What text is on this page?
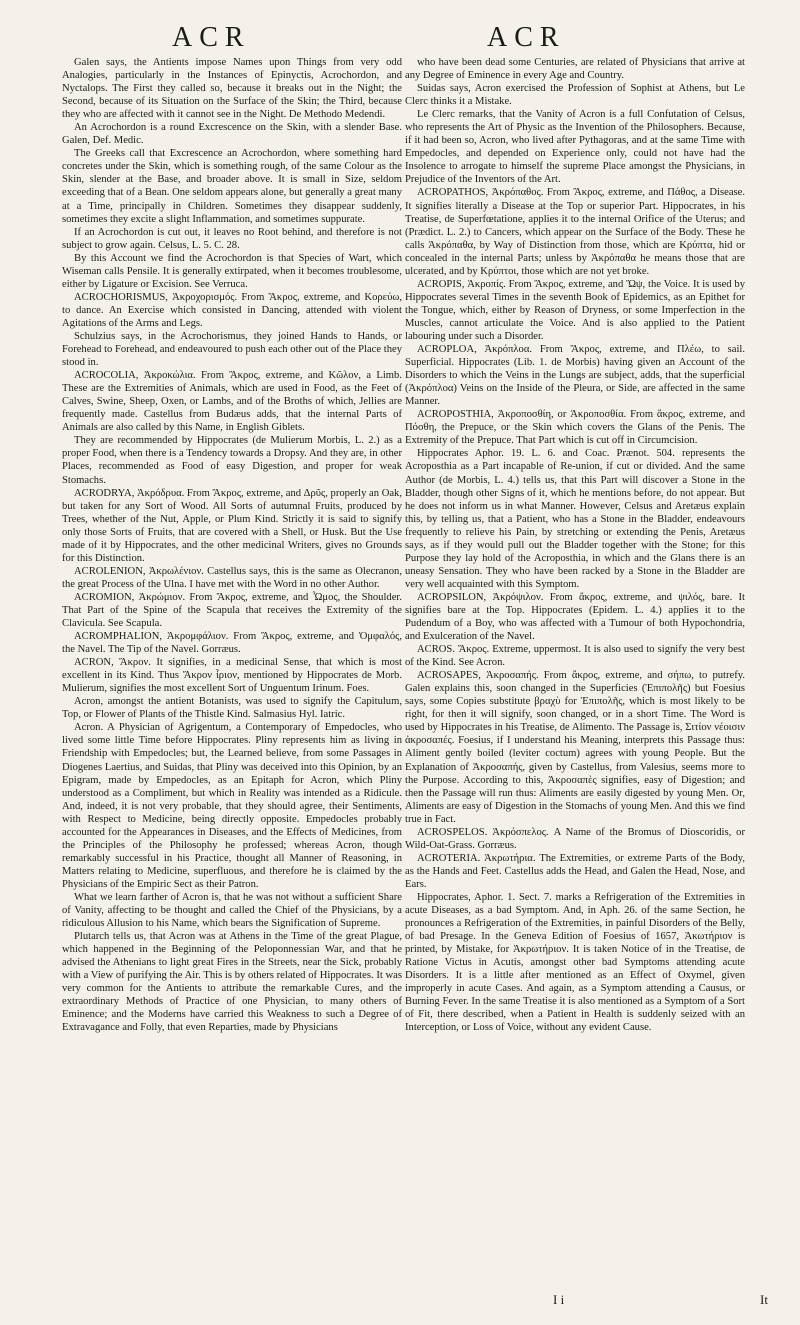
ACR	ACR

Galen says, the Antients impose Names upon Things from very odd Analogies, particularly in the Instances of Epinyctis, Acrochordon, and Nyctalops. The First they called so, because it breaks out in the Night; the Second, because of its Situation on the Surface of the Skin; the Third, because they who are affected with it cannot see in the Night. De Methodo Medendi.

An Acrochordon is a round Excrescence on the Skin, with a slender Base. Galen, Def. Medic.

The Greeks call that Excrescence an Acrochordon, where something hard concretes under the Skin, which is something rough, of the same Colour as the Skin, slender at the Base, and broader above. It is small in Size, seldom exceeding that of a Bean. One seldom appears alone, but generally a great many at a Time, principally in Children. Sometimes they disappear suddenly, sometimes they excite a slight Inflammation, and sometimes suppurate.

If an Acrochordon is cut out, it leaves no Root behind, and therefore is not subject to grow again. Celsus, L. 5. C. 28.

By this Account we find the Acrochordon is that Species of Wart, which Wiseman calls Pensile. It is generally extirpated, when it becomes troublesome, either by Ligature or Excision. See Verruca.

ACROCHORISMUS, Ἀκροχορισμός. From Ἄκρος, extreme, and Κορεύω, to dance. An Exercise which consisted in Dancing, attended with violent Agitations of the Arms and Legs.

Schulzius says, in the Acrochorismus, they joined Hands to Hands, or Forehead to Forehead, and endeavoured to push each other out of the Place they stood in.

ACROCOLIA, Ἀκροκώλια. From Ἄκρος, extreme, and Κῶλον, a Limb. These are the Extremities of Animals, which are used in Food, as the Feet of Calves, Swine, Sheep, Oxen, or Lambs, and of the Broths of which, Jellies are frequently made. Castellus from Budæus adds, that the internal Parts of Animals are also called by this Name, in English Giblets.

They are recommended by Hippocrates (de Mulierum Morbis, L. 2.) as a proper Food, when there is a Tendency towards a Dropsy. And they are, in other Places, recommended as Food of easy Digestion, and proper for weak Stomachs.

ACRODRYA, Ἀκρόδρυα. From Ἄκρος, extreme, and Δρῦς, properly an Oak, but taken for any Sort of Wood. All Sorts of autumnal Fruits, produced by Trees, whether of the Nut, Apple, or Plum Kind. Strictly it is said to signify only those Sorts of Fruits, that are covered with a Shell, or Husk. But the Use made of it by Hippocrates, and the other medicinal Writers, gives no Grounds for this Distinction.

ACROLENION, Ἀκρωλένιον. Castellus says, this is the same as Olecranon, the great Process of the Ulna. I have met with the Word in no other Author.

ACROMION, Ἀκρώμιον. From Ἄκρος, extreme, and Ὦμος, the Shoulder. That Part of the Spine of the Scapula that receives the Extremity of the Clavicula. See Scapula.

ACROMPHALION, Ἀκρομφάλιον. From Ἄκρος, extreme, and Ὀμφαλός, the Navel. The Tip of the Navel. Gorræus.

ACRON, Ἄκρον. It signifies, in a medicinal Sense, that which is most excellent in its Kind. Thus Ἄκρον ἶριον, mentioned by Hippocrates de Morb. Mulierum, signifies the most excellent Sort of Unguentum Irinum. Foes.

Acron, amongst the antient Botanists, was used to signify the Capitulum, Top, or Flower of Plants of the Thistle Kind. Salmasius Hyl. Iatric.

Acron. A Physician of Agrigentum, a Contemporary of Empedocles, who lived some little Time before Hippocrates. Pliny represents him as living in Friendship with Empedocles; but, the Learned believe, from some Passages in Diogenes Laertius, and Suidas, that Pliny was deceived into this Opinion, by an Epigram, made by Empedocles, as an Epitaph for Acron, which Pliny understood as a Compliment, but which in Reality was intended as a Ridicule. And, indeed, it is not very probable, that they should agree, their Sentiments, with Respect to Medicine, being directly opposite. Empedocles probably accounted for the Appearances in Diseases, and the Effects of Medicines, from the Principles of the Philosophy he professed; whereas Acron, though remarkably successful in his Practice, thought all Manner of Reasoning, in Matters relating to Medicine, superfluous, and therefore he is claimed by the Physicians of the Empiric Sect as their Patron.

What we learn farther of Acron is, that he was not without a sufficient Share of Vanity, affecting to be thought and called the Chief of the Physicians, by a ridiculous Allusion to his Name, which bears the Signification of Supreme.

Plutarch tells us, that Acron was at Athens in the Time of the great Plague, which happened in the Beginning of the Peloponnessian War, and that he advised the Athenians to light great Fires in the Streets, near the Sick, probably with a View of purifying the Air. This is by others related of Hippocrates. It was very common for the Antients to attribute the remarkable Cures, and the extraordinary Methods of Practice of one Physician, to many others of Eminence; and the Moderns have carried this Weakness to such a Degree of Extravagance and Folly, that even Reparties, made by Physicians

who have been dead some Centuries, are related of Physicians that arrive at any Degree of Eminence in every Age and Country.

Suidas says, Acron exercised the Profession of Sophist at Athens, but Le Clerc thinks it a Mistake.

Le Clerc remarks, that the Vanity of Acron is a full Confutation of Celsus, who represents the Art of Physic as the Invention of the Philosophers. Because, if it had been so, Acron, who lived after Pythagoras, and at the same Time with Empedocles, and depended on Experience only, could not have had the Insolence to arrogate to himself the supreme Place amongst the Physicians, in Prejudice of the Inventors of the Art.

ACROPATHOS, Ἀκρόπαθος. From Ἄκρος, extreme, and Πάθος, a Disease. It signifies literally a Disease at the Top or superior Part. Hippocrates, in his Treatise, de Superfœtatione, applies it to the internal Orifice of the Uterus; and (Prædict. L. 2.) to Cancers, which appear on the Surface of the Body. These he calls Ἀκρόπαθα, by Way of Distinction from those, which are Κρύπτα, hid or concealed in the internal Parts; unless by Ἀκρόπαθα he means those that are ulcerated, and by Κρύπτοι, those which are not yet broke.

ACROPIS, Ἀκροπίς. From Ἄκρος, extreme, and Ὤψ, the Voice. It is used by Hippocrates several Times in the seventh Book of Epidemics, as an Epithet for the Tongue, which, either by Reason of Dryness, or some Imperfection in the Muscles, cannot articulate the Voice. And is also applied to the Patient labouring under such a Disorder.

ACROPLOA, Ἀκρόπλοα. From Ἄκρος, extreme, and Πλέω, to sail. Superficial. Hippocrates (Lib. 1. de Morbis) having given an Account of the Disorders to which the Veins in the Lungs are subject, adds, that the superficial (Ἀκρόπλοα) Veins on the Inside of the Pleura, or Side, are affected in the same Manner.

ACROPOSTHIA, Ἀκροποσθίη, or Ἀκροποσθία. From ἄκρος, extreme, and Πόσθη, the Prepuce, or the Skin which covers the Glans of the Penis. The Extremity of the Prepuce. That Part which is cut off in Circumcision.

Hippocrates Aphor. 19. L. 6. and Coac. Prænot. 504. represents the Acroposthia as a Part incapable of Re-union, if cut or divided. And the same Author (de Morbis, L. 4.) tells us, that this Part will discover a Stone in the Bladder, though other Signs of it, which he mentions before, do not appear. But he does not inform us in what Manner. However, Celsus and Aretæus explain this, by telling us, that a Patient, who has a Stone in the Bladder, endeavours frequently to relieve his Pain, by stretching or extending the Penis, Aretæus says, as if they would pull out the Bladder together with the Stone; for this Purpose they lay hold of the Acroposthia, in which and the Glans there is an uneasy Sensation. They who have been racked by a Stone in the Bladder are very well acquainted with this Symptom.

ACROPSILON, Ἀκρόψιλον. From ἄκρος, extreme, and ψιλός, bare. It signifies bare at the Top. Hippocrates (Epidem. L. 4.) applies it to the Pudendum of a Boy, who was affected with a Tumour of both Hypochondria, and Exulceration of the Navel.

ACROS. Ἄκρος. Extreme, uppermost. It is also used to signify the very best of the Kind. See Acron.

ACROSAPES, Ἀκροσαπής. From ἄκρος, extreme, and σήπω, to putrefy. Galen explains this, soon changed in the Superficies (Ἐπιπολῆς) but Foesius says, some Copies substitute βραχὺ for Ἐπιπολῆς, which is most likely to be right, for then it will signify, soon changed, or in a short Time. The Word is used by Hippocrates in his Treatise, de Alimento. The Passage is, Σιτίον νέοισιν ἀκροσαπές. Foesius, if I understand his Meaning, interprets this Passage thus: Aliment gently boiled (leviter coctum) agrees with young People. But the Explanation of Ἀκροσαπής, given by Castellus, from Valesius, seems more to the Purpose. According to this, Ἀκροσαπὲς signifies, easy of Digestion; and then the Passage will run thus: Aliments are easily digested by young Men. Or, Aliments are easy of Digestion in the Stomachs of young Men. And this we find true in Fact.

ACROSPELOS. Ἀκρόσπελος. A Name of the Bromus of Dioscoridis, or Wild-Oat-Grass. Gorræus.

ACROTERIA. Ἀκρωτήρια. The Extremities, or extreme Parts of the Body, as the Hands and Feet. Castellus adds the Head, and Galen the Head, Nose, and Ears.

Hippocrates, Aphor. 1. Sect. 7. marks a Refrigeration of the Extremities in acute Diseases, as a bad Symptom. And, in Aph. 26. of the same Section, he pronounces a Refrigeration of the Extremities, in painful Disorders of the Belly, of bad Presage. In the Geneva Edition of Foesius of 1657, Ἀκωτήριον is printed, by Mistake, for Ἀκρωτήριον. It is taken Notice of in the Treatise, de Ratione Victus in Acutis, amongst other bad Symptoms attending acute Disorders. It is a little after mentioned as an Effect of Oxymel, given improperly in acute Cases. And again, as a Symptom attending a Causus, or Burning Fever. In the same Treatise it is also mentioned as a Symptom of a Sort of Fit, there described, when a Patient in Health is suddenly seized with an Interception, or Loss of Voice, without any evident Cause.

I i	It
